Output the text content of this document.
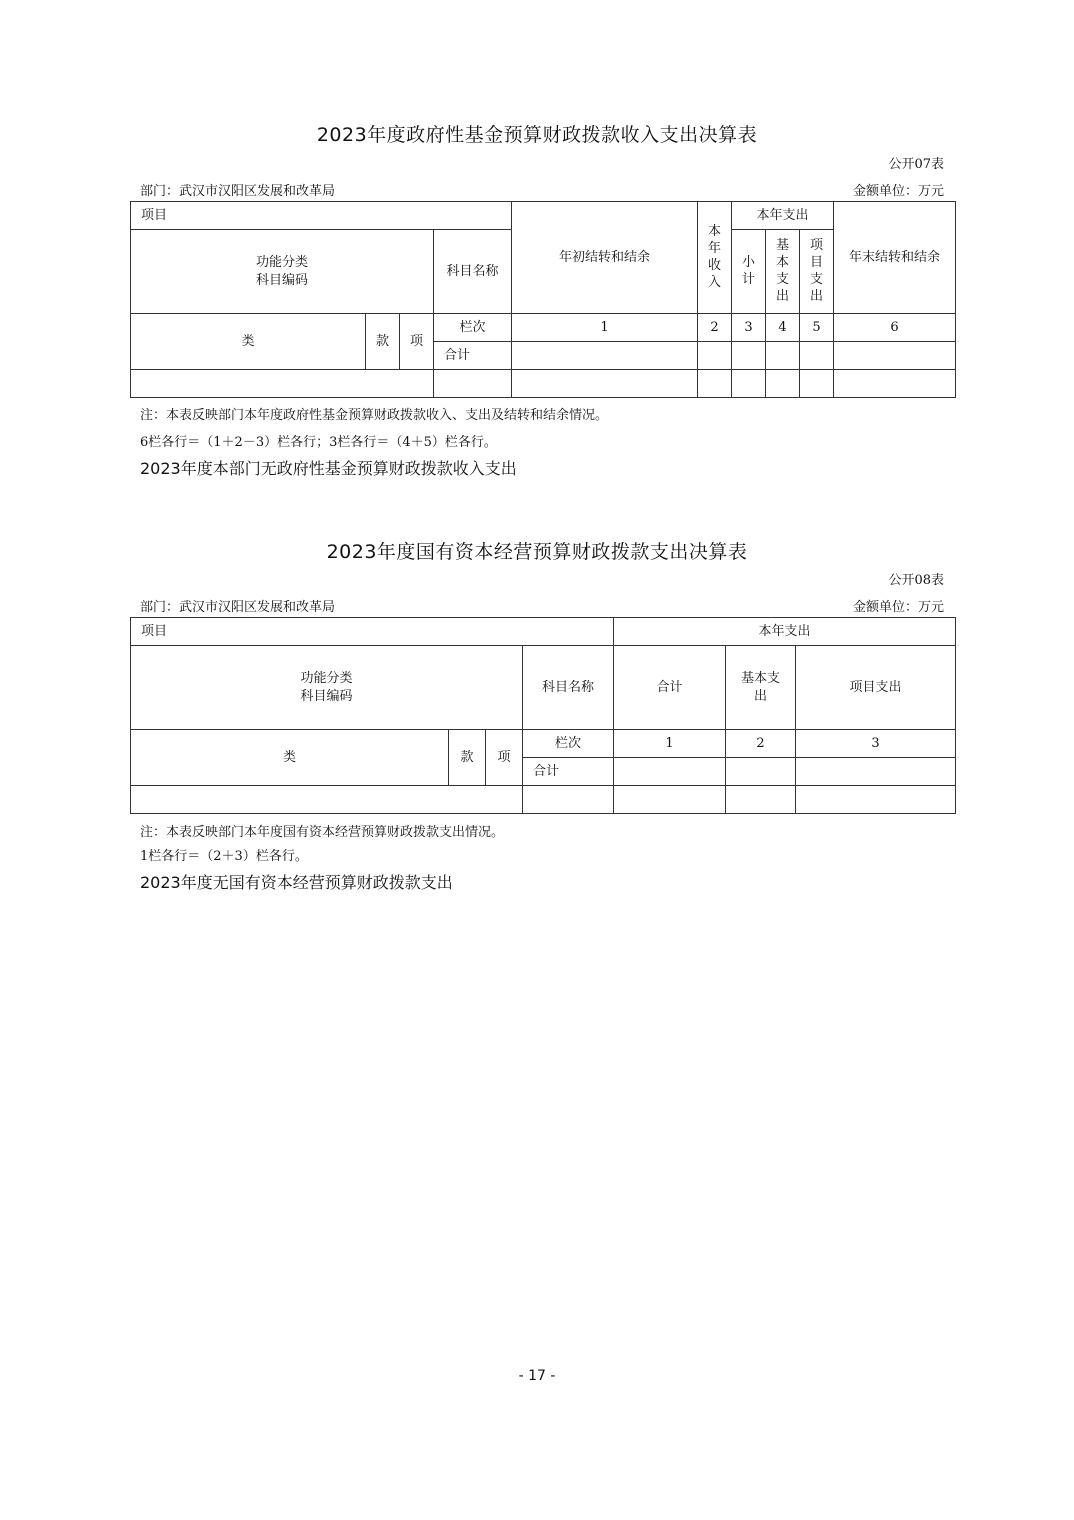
2023年度政府性基金预算财政拨款收入支出决算表
公开07表
部门：武汉市汉阳区发展和改革局	金额单位：万元
项目				年初结转和结余	本年收入	本年支出			年末结转和结余

功能分类
科目编码			科目名称			小计	基本支出	项目支出	
类	款	项	栏次	1	2	3	4	5	6
			合计						

注：本表反映部门本年度政府性基金预算财政拨款收入、支出及结转和结余情况。
6栏各行＝（1＋2－3）栏各行；3栏各行＝（4＋5）栏各行。
2023年度本部门无政府性基金预算财政拨款收入支出
2023年度国有资本经营预算财政拨款支出决算表
公开08表
部门：武汉市汉阳区发展和改革局	金额单位：万元
项目				本年支出		

功能分类
科目编码			科目名称	合计	基本支出	项目支出
类	款	项	栏次	1	2	3
			合计			

注：本表反映部门本年度国有资本经营预算财政拨款支出情况。
1栏各行＝（2＋3）栏各行。
2023年度无国有资本经营预算财政拨款支出
- 17 -
